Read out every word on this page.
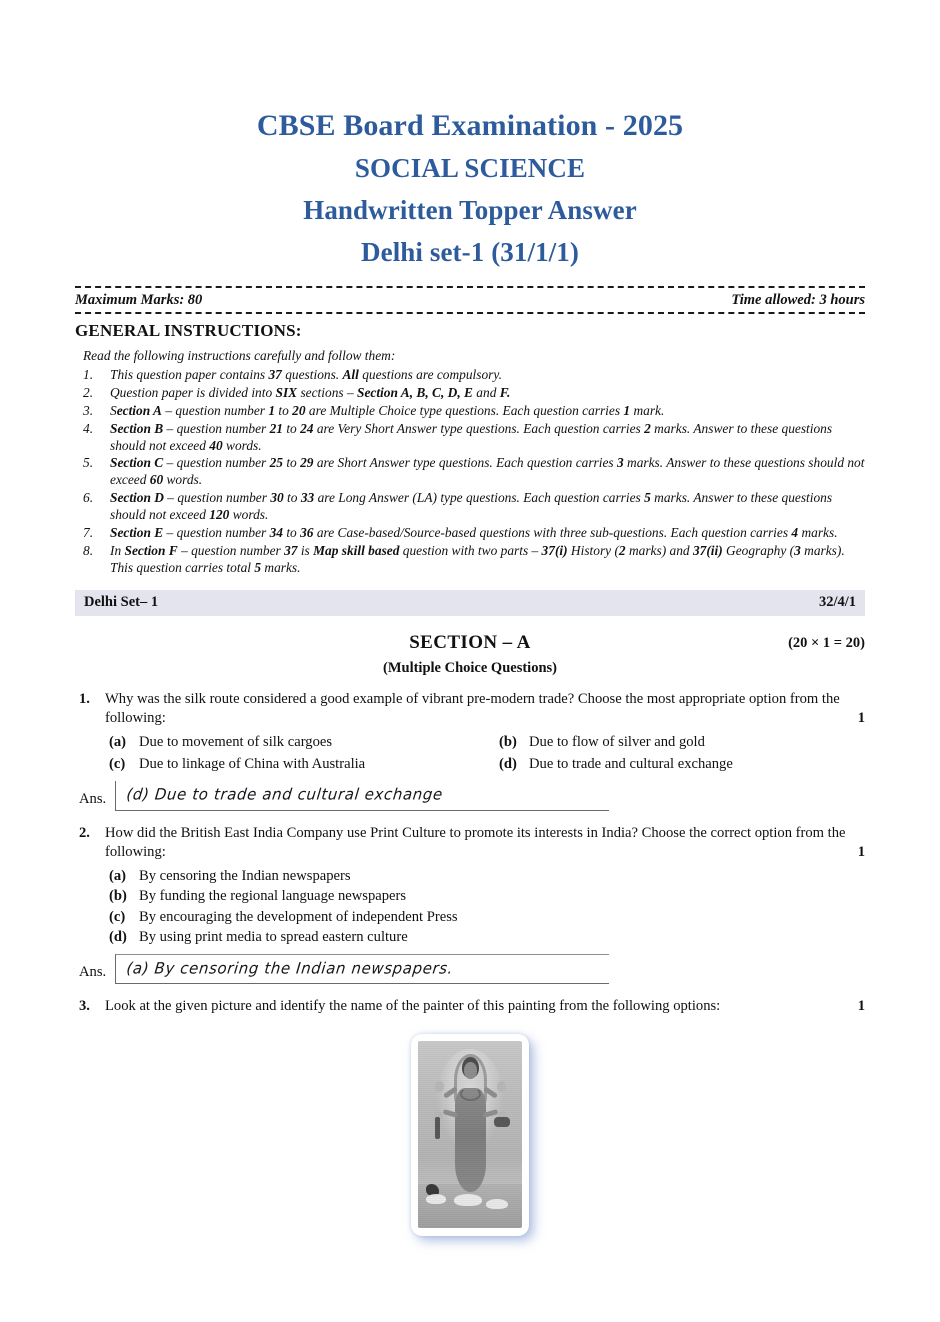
CBSE Board Examination - 2025
SOCIAL SCIENCE
Handwritten Topper Answer
Delhi set-1 (31/1/1)
Maximum Marks: 80	Time allowed: 3 hours
GENERAL INSTRUCTIONS:
Read the following instructions carefully and follow them:
1.	This question paper contains 37 questions. All questions are compulsory.
2.	Question paper is divided into SIX sections – Section A, B, C, D, E and F.
3.	Section A – question number 1 to 20 are Multiple Choice type questions. Each question carries 1 mark.
4.	Section B – question number 21 to 24 are Very Short Answer type questions. Each question carries 2 marks. Answer to these questions should not exceed 40 words.
5.	Section C – question number 25 to 29 are Short Answer type questions. Each question carries 3 marks. Answer to these questions should not exceed 60 words.
6.	Section D – question number 30 to 33 are Long Answer (LA) type questions. Each question carries 5 marks. Answer to these questions should not exceed 120 words.
7.	Section E – question number 34 to 36 are Case-based/Source-based questions with three sub-questions. Each question carries 4 marks.
8.	In Section F – question number 37 is Map skill based question with two parts – 37(i) History (2 marks) and 37(ii) Geography (3 marks). This question carries total 5 marks.
Delhi Set– 1	32/4/1
SECTION – A	(20 × 1 = 20)
(Multiple Choice Questions)
1.	Why was the silk route considered a good example of vibrant pre-modern trade? Choose the most appropriate option from the following:	1
(a) Due to movement of silk cargoes	(b) Due to flow of silver and gold
(c) Due to linkage of China with Australia	(d) Due to trade and cultural exchange
Ans.	(d) Due to trade and cultural exchange
2.	How did the British East India Company use Print Culture to promote its interests in India? Choose the correct option from the following:	1
(a) By censoring the Indian newspapers
(b) By funding the regional language newspapers
(c) By encouraging the development of independent Press
(d) By using print media to spread eastern culture
Ans.	(a) By censoring the Indian newspapers.
3.	Look at the given picture and identify the name of the painter of this painting from the following options:	1
